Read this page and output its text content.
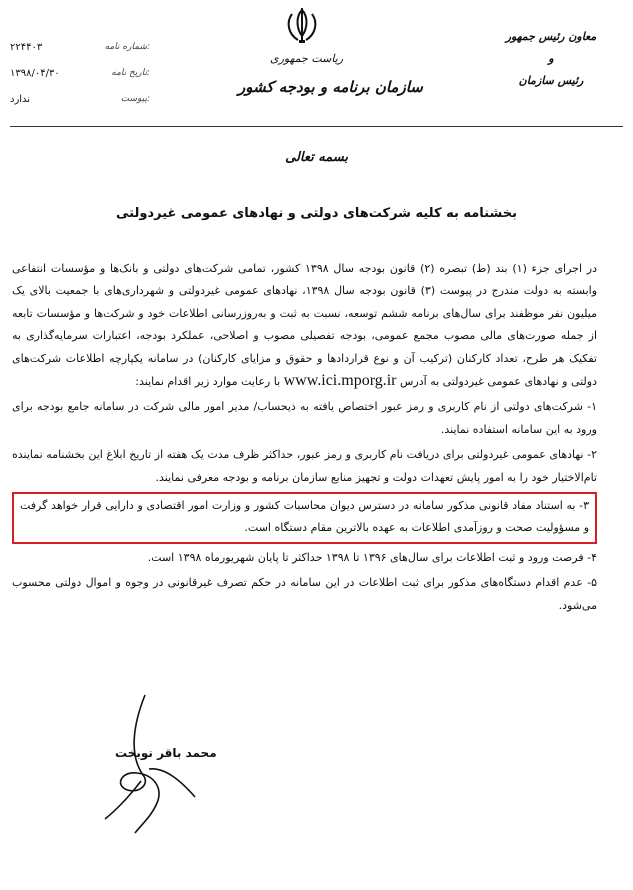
ریاست جمهوری
سازمان برنامه و بودجه کشور
۲۲۴۴۰۳	شماره نامه:
۱۳۹۸/۰۴/۳۰	تاریخ نامه:
ندارد	پیوست:
معاون رئیس جمهور
و
رئیس سازمان
بسمه تعالی
بخشنامه به کلیه شرکت‌های دولتی و نهادهای عمومی غیردولتی

در اجرای جزء (۱) بند (ط) تبصره (۲) قانون بودجه سال ۱۳۹۸ کشور، تمامی شرکت‌های دولتی و بانک‌ها و مؤسسات انتفاعی وابسته به دولت مندرج در پیوست (۳) قانون بودجه سال ۱۳۹۸، نهادهای عمومی غیردولتی و شهرداری‌های با جمعیت بالای یک میلیون نفر موظفند برای سال‌های برنامه ششم توسعه، نسبت به ثبت و به‌روزرسانی اطلاعات خود و شرکت‌ها و مؤسسات تابعه از جمله صورت‌های مالی مصوب مجمع عمومی، بودجه تفصیلی مصوب و اصلاحی، عملکرد بودجه، اعتبارات سرمایه‌گذاری به تفکیک هر طرح، تعداد کارکنان (ترکیب آن و نوع قراردادها و حقوق و مزایای کارکنان) در سامانه یکپارچه اطلاعات شرکت‌های دولتی و نهادهای عمومی غیردولتی به آدرس www.ici.mporg.ir با رعایت موارد زیر اقدام نمایند:

۱- شرکت‌های دولتی از نام کاربری و رمز عبور اختصاص یافته به ذیحساب/ مدیر امور مالی شرکت در سامانه جامع بودجه برای ورود به این سامانه استفاده نمایند.

۲- نهادهای عمومی غیردولتی برای دریافت نام کاربری و رمز عبور، حداکثر ظرف مدت یک هفته از تاریخ ابلاغ این بخشنامه نماینده تام‌الاختیار خود را به امور پایش تعهدات دولت و تجهیز منابع سازمان برنامه و بودجه معرفی نمایند.

۳- به استناد مفاد قانونی مذکور سامانه در دسترس دیوان محاسبات کشور و وزارت امور اقتصادی و دارایی قرار خواهد گرفت و مسؤولیت صحت و روزآمدی اطلاعات به عهده بالاترین مقام دستگاه است.

۴- فرصت ورود و ثبت اطلاعات برای سال‌های ۱۳۹۶ تا ۱۳۹۸ حداکثر تا پایان شهریورماه ۱۳۹۸ است.

۵- عدم اقدام دستگاه‌های مذکور برای ثبت اطلاعات در این سامانه در حکم تصرف غیرقانونی در وجوه و اموال دولتی محسوب می‌شود.

محمد باقر نوبخت
